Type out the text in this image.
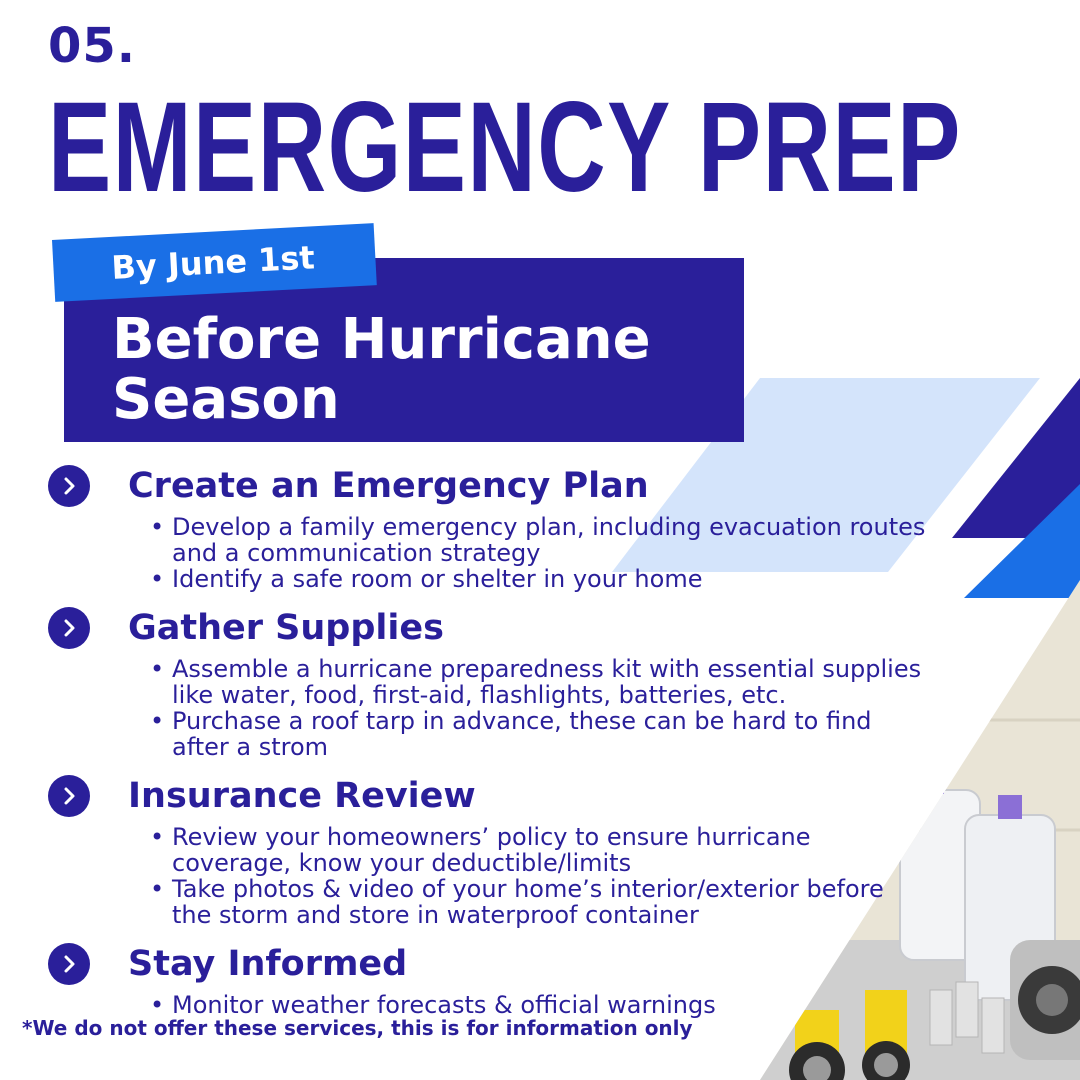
05.
EMERGENCY PREP
Before Hurricane Season
By June 1st
Create an Emergency Plan
• Develop a family emergency plan, including evacuation routes and a communication strategy
• Identify a safe room or shelter in your home
Gather Supplies
• Assemble a hurricane preparedness kit with essential supplies like water, food, first-aid, flashlights, batteries, etc.
• Purchase a roof tarp in advance, these can be hard to find after a strom
Insurance Review
• Review your homeowners’ policy to ensure hurricane coverage, know your deductible/limits
• Take photos & video of your home’s interior/exterior before the storm and store in waterproof container
Stay Informed
• Monitor weather forecasts & official warnings
*We do not offer these services, this is for information only
